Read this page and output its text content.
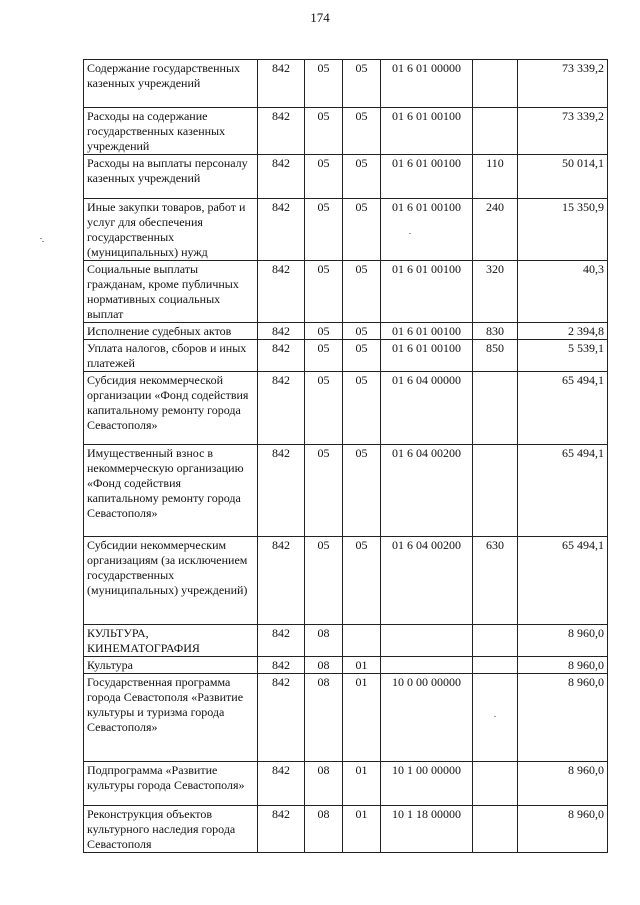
174
Содержание государственных казенных учреждений	842	05	05	01 6 01 00000		73 339,2
Расходы на содержание государственных казенных учреждений	842	05	05	01 6 01 00100		73 339,2
Расходы на выплаты персоналу казенных учреждений	842	05	05	01 6 01 00100	110	50 014,1
Иные закупки товаров, работ и услуг для обеспечения государственных (муниципальных) нужд	842	05	05	01 6 01 00100	240	15 350,9
Социальные выплаты гражданам, кроме публичных нормативных социальных выплат	842	05	05	01 6 01 00100	320	40,3
Исполнение судебных актов	842	05	05	01 6 01 00100	830	2 394,8
Уплата налогов, сборов и иных платежей	842	05	05	01 6 01 00100	850	5 539,1
Субсидия некоммерческой организации «Фонд содействия капитальному ремонту города Севастополя»	842	05	05	01 6 04 00000		65 494,1
Имущественный взнос в некоммерческую организацию «Фонд содействия капитальному ремонту города Севастополя»	842	05	05	01 6 04 00200		65 494,1
Субсидии некоммерческим организациям (за исключением государственных (муниципальных) учреждений)	842	05	05	01 6 04 00200	630	65 494,1
КУЛЬТУРА, КИНЕМАТОГРАФИЯ	842	08				8 960,0
Культура	842	08	01			8 960,0
Государственная программа города Севастополя «Развитие культуры и туризма города Севастополя»	842	08	01	10 0 00 00000		8 960,0
Подпрограмма «Развитие культуры города Севастополя»	842	08	01	10 1 00 00000		8 960,0
Реконструкция объектов культурного наследия города Севастополя	842	08	01	10 1 18 00000		8 960,0
